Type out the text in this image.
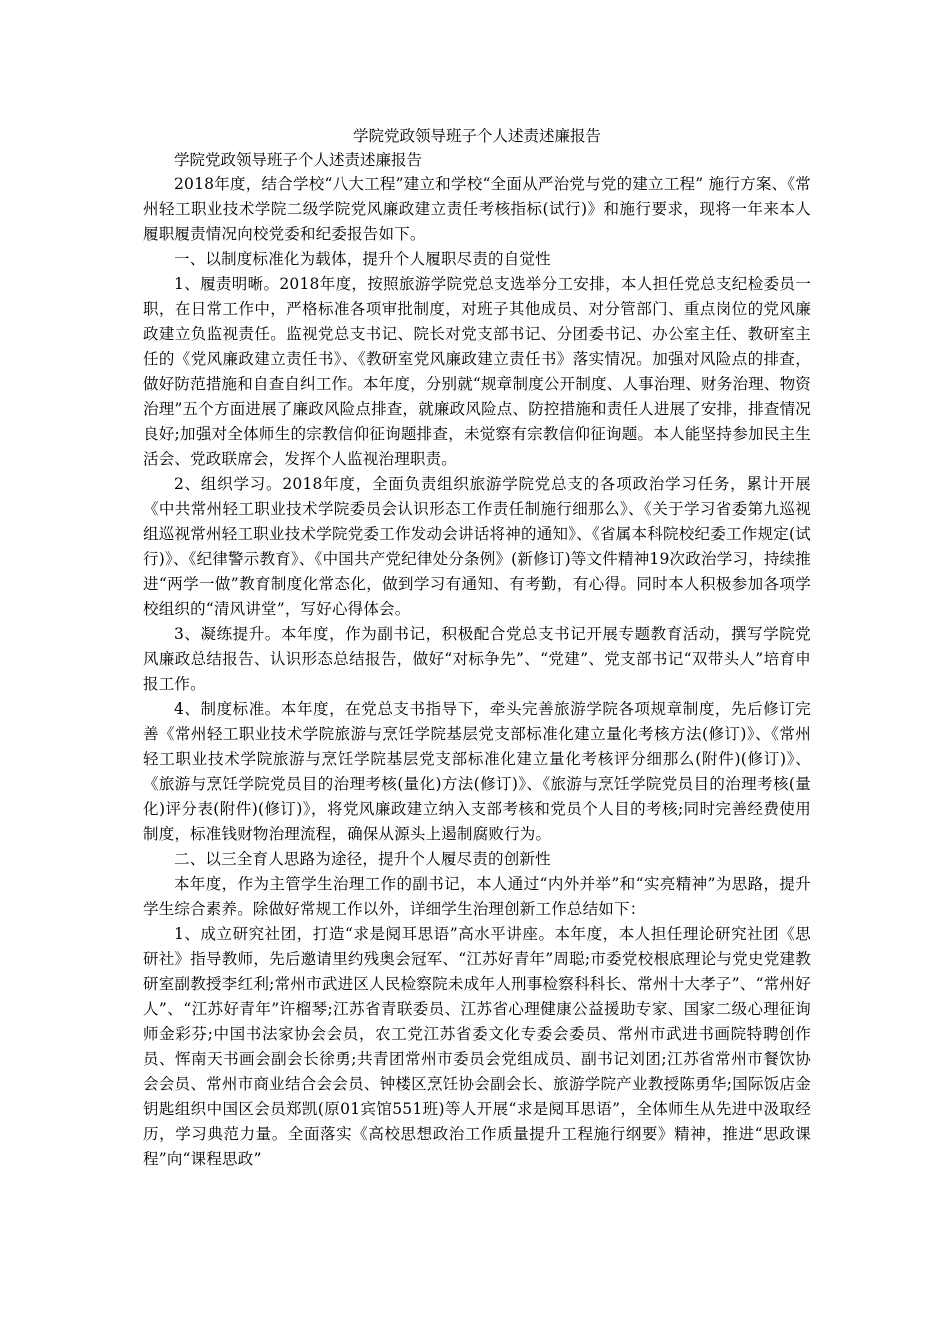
学院党政领导班子个人述责述廉报告

学院党政领导班子个人述责述廉报告

2018年度，结合学校“八大工程”建立和学校“全面从严治党与党的建立工程” 施行方案、《常州轻工职业技术学院二级学院党风廉政建立责任考核指标(试行)》和施行要求，现将一年来本人履职履责情况向校党委和纪委报告如下。

一、以制度标准化为载体，提升个人履职尽责的自觉性

1、履责明晰。2018年度，按照旅游学院党总支选举分工安排，本人担任党总支纪检委员一职，在日常工作中，严格标准各项审批制度，对班子其他成员、对分管部门、重点岗位的党风廉政建立负监视责任。监视党总支书记、院长对党支部书记、分团委书记、办公室主任、教研室主任的《党风廉政建立责任书》、《教研室党风廉政建立责任书》落实情况。加强对风险点的排查，做好防范措施和自查自纠工作。本年度，分别就“规章制度公开制度、人事治理、财务治理、物资治理”五个方面进展了廉政风险点排查，就廉政风险点、防控措施和责任人进展了安排，排查情况良好;加强对全体师生的宗教信仰征询题排查，未觉察有宗教信仰征询题。本人能坚持参加民主生活会、党政联席会，发挥个人监视治理职责。

2、组织学习。2018年度，全面负责组织旅游学院党总支的各项政治学习任务，累计开展《中共常州轻工职业技术学院委员会认识形态工作责任制施行细那么》、《关于学习省委第九巡视组巡视常州轻工职业技术学院党委工作发动会讲话将神的通知》、《省属本科院校纪委工作规定(试行)》、《纪律警示教育》、《中国共产党纪律处分条例》(新修订)等文件精神19次政治学习，持续推进“两学一做”教育制度化常态化，做到学习有通知、有考勤，有心得。同时本人积极参加各项学校组织的“清风讲堂”，写好心得体会。

3、凝练提升。本年度，作为副书记，积极配合党总支书记开展专题教育活动，撰写学院党风廉政总结报告、认识形态总结报告，做好“对标争先”、“党建”、党支部书记“双带头人”培育申报工作。

4、制度标准。本年度，在党总支书指导下，牵头完善旅游学院各项规章制度，先后修订完善《常州轻工职业技术学院旅游与烹饪学院基层党支部标准化建立量化考核方法(修订)》、《常州轻工职业技术学院旅游与烹饪学院基层党支部标准化建立量化考核评分细那么(附件)(修订)》、《旅游与烹饪学院党员目的治理考核(量化)方法(修订)》、《旅游与烹饪学院党员目的治理考核(量化)评分表(附件)(修订)》，将党风廉政建立纳入支部考核和党员个人目的考核;同时完善经费使用制度，标准钱财物治理流程，确保从源头上遏制腐败行为。

二、以三全育人思路为途径，提升个人履尽责的创新性

本年度，作为主管学生治理工作的副书记，本人通过“内外并举”和“实亮精神”为思路，提升学生综合素养。除做好常规工作以外，详细学生治理创新工作总结如下：

1、成立研究社团，打造“求是阋耳思语”高水平讲座。本年度，本人担任理论研究社团《思研社》指导教师，先后邀请里约残奥会冠军、“江苏好青年”周聪;市委党校根底理论与党史党建教研室副教授李红利;常州市武进区人民检察院未成年人刑事检察科科长、常州十大孝子”、“常州好人”、“江苏好青年”许榴琴;江苏省青联委员、江苏省心理健康公益援助专家、国家二级心理征询师金彩芬;中国书法家协会会员，农工党江苏省委文化专委会委员、常州市武进书画院特聘创作员、恽南天书画会副会长徐勇;共青团常州市委员会党组成员、副书记刘团;江苏省常州市餐饮协会会员、常州市商业结合会会员、钟楼区烹饪协会副会长、旅游学院产业教授陈勇华;国际饭店金钥匙组织中国区会员郑凯(原01宾馆551班)等人开展“求是阋耳思语”，全体师生从先进中汲取经历，学习典范力量。全面落实《高校思想政治工作质量提升工程施行纲要》精神，推进“思政课程”向“课程思政”
